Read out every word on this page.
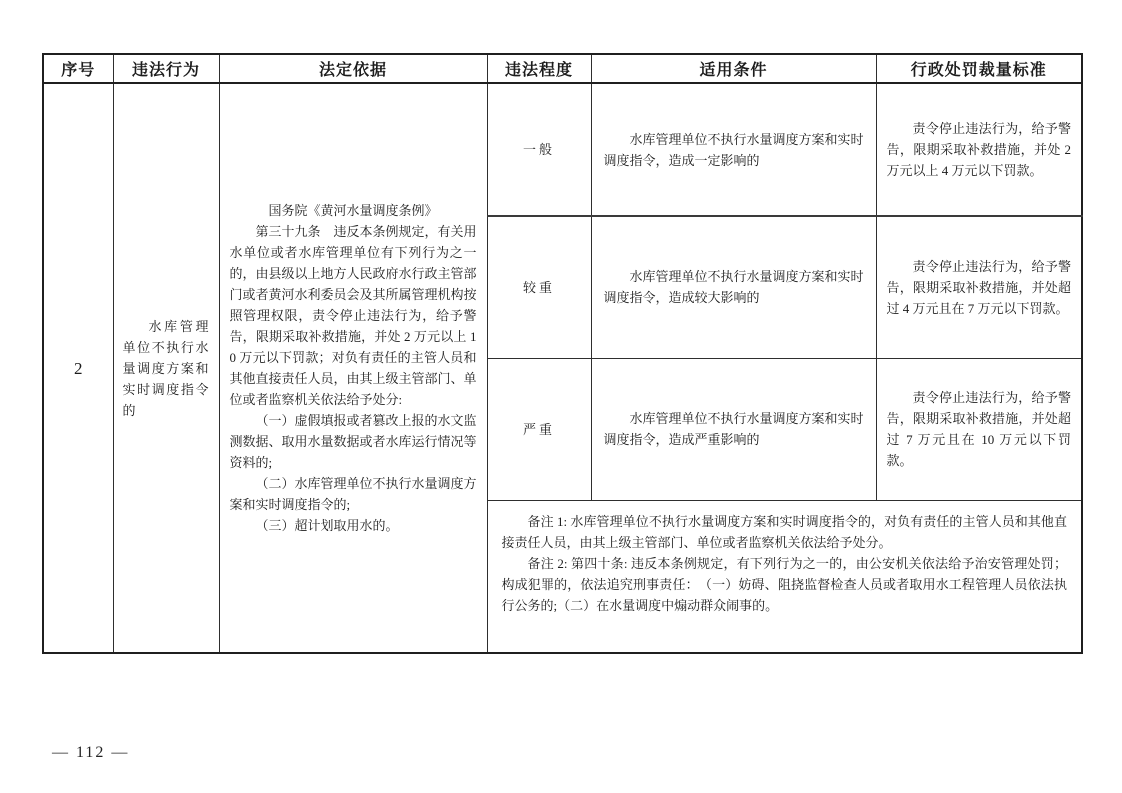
序号	违法行为	法定依据	违法程度	适用条件	行政处罚裁量标准
2	水库管理单位不执行水量调度方案和实时调度指令的	国务院《黄河水量调度条例》
第三十九条　违反本条例规定，有关用水单位或者水库管理单位有下列行为之一的，由县级以上地方人民政府水行政主管部门或者黄河水利委员会及其所属管理机构按照管理权限，责令停止违法行为，给予警告，限期采取补救措施，并处 2 万元以上 10 万元以下罚款；对负有责任的主管人员和其他直接责任人员，由其上级主管部门、单位或者监察机关依法给予处分:
（一）虚假填报或者篡改上报的水文监测数据、取用水量数据或者水库运行情况等资料的;
（二）水库管理单位不执行水量调度方案和实时调度指令的;
（三）超计划取用水的。	一般	水库管理单位不执行水量调度方案和实时调度指令，造成一定影响的	责令停止违法行为，给予警告，限期采取补救措施，并处 2 万元以上 4 万元以下罚款。

			较重	水库管理单位不执行水量调度方案和实时调度指令，造成较大影响的	责令停止违法行为，给予警告，限期采取补救措施，并处超过 4 万元且在 7 万元以下罚款。

			严重	水库管理单位不执行水量调度方案和实时调度指令，造成严重影响的	责令停止违法行为，给予警告，限期采取补救措施，并处超过 7 万元且在 10 万元以下罚款。

			备注 1: 水库管理单位不执行水量调度方案和实时调度指令的，对负有责任的主管人员和其他直接责任人员，由其上级主管部门、单位或者监察机关依法给予处分。
备注 2: 第四十条: 违反本条例规定，有下列行为之一的，由公安机关依法给予治安管理处罚；构成犯罪的，依法追究刑事责任：　（一）妨碍、阻挠监督检查人员或者取用水工程管理人员依法执行公务的;（二）在水量调度中煽动群众闹事的。		
— 112 —
